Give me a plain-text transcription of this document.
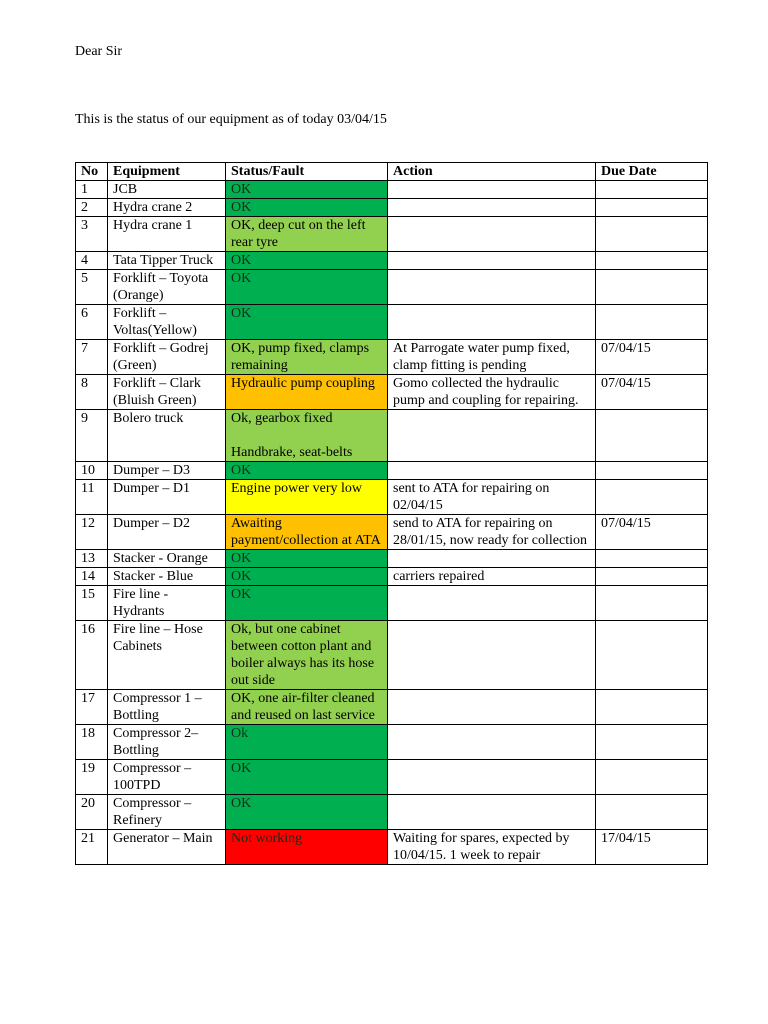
Dear Sir
This is the status of our equipment as of today 03/04/15
No	Equipment	Status/Fault	Action	Due Date
1	JCB	OK		
2	Hydra crane 2	OK		
3	Hydra crane 1	OK, deep cut on the left rear tyre		
4	Tata Tipper Truck	OK		
5	Forklift – Toyota (Orange)	OK		
6	Forklift – Voltas(Yellow)	OK		
7	Forklift – Godrej (Green)	OK, pump fixed, clamps remaining	At Parrogate water pump fixed, clamp fitting is pending	07/04/15
8	Forklift – Clark (Bluish Green)	Hydraulic pump coupling	Gomo collected the hydraulic pump and coupling for repairing.	07/04/15
9	Bolero truck	Ok, gearbox fixed
Handbrake, seat-belts		
10	Dumper – D3	OK		
11	Dumper – D1	Engine power very low	sent to ATA for repairing on 02/04/15	
12	Dumper – D2	Awaiting payment/collection at ATA	send to ATA for repairing on 28/01/15, now ready for collection	07/04/15
13	Stacker - Orange	OK		
14	Stacker - Blue	OK	carriers repaired	
15	Fire line - Hydrants	OK		
16	Fire line – Hose Cabinets	Ok, but one cabinet between cotton plant and boiler always has its hose out side		
17	Compressor 1 – Bottling	OK, one air-filter cleaned and reused on last service		
18	Compressor 2– Bottling	Ok		
19	Compressor – 100TPD	OK		
20	Compressor – Refinery	OK		
21	Generator – Main	Not working	Waiting for spares, expected by 10/04/15. 1 week to repair	17/04/15
